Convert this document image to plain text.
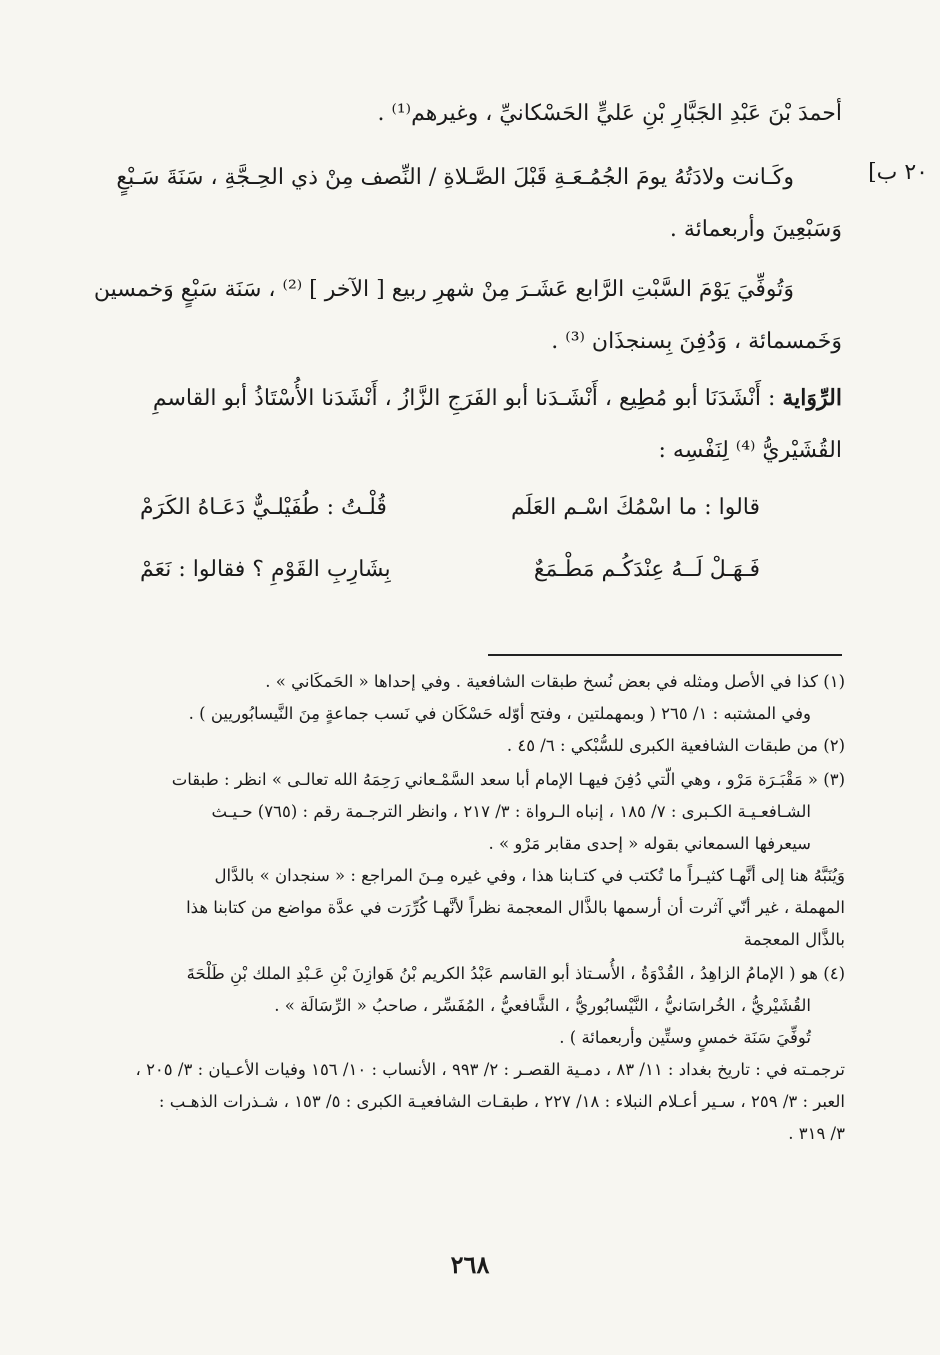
أحمدَ بْنَ عَبْدِ الجَبَّارِ بْنِ عَليٍّ الحَسْكانيِّ ، وغيرهم⁽¹⁾ .
٢٠ ب]
وكَـانت ولادَتُهُ يومَ الجُمُـعَـةِ قَبْلَ الصَّـلاةِ / النِّصف مِنْ ذي الحِـجَّةِ ، سَنَةَ سَـبْعٍ
وَسَبْعِينَ وأربعمائة .
وَتُوفِّيَ يَوْمَ السَّبْتِ الرَّابع عَشَـرَ مِنْ شهرِ ربيع [ الآخر ] ⁽²⁾ ، سَنَة سَبْعٍ وَخمسين
وَخَمسمائة ، وَدُفِنَ بِسنجذَان ⁽³⁾ .
الرِّوَاية : أَنْشَدَنَا أبو مُطِيع ، أَنْشَـدَنا أبو الفَرَجِ الزَّازُ ، أَنْشَدَنا الأُسْتَاذُ أبو القاسمِ
القُشَيْريُّ ⁽⁴⁾ لِنَفْسِه :
قالوا : ما اسْمُكَ اسْـم العَلَم
قُلْـتُ : طُفَيْلـيٌّ دَعَـاهُ الكَرَمْ
فَـهَـلْ لَــهُ عِنْدَكُـم مَطْـمَعٌ
بِشَارِبِ القَوْمِ ؟ فقالوا : نَعَمْ
(١) كذا في الأصل ومثله في بعض نُسخ طبقات الشافعية . وفي إحداها « الحَمكَاني » .
وفي المشتبه : ١/ ٢٦٥ ( وبمهملتين ، وفتح أوّله حَسْكَان في نَسب جماعةٍ مِنَ النَّيسابُوريين ) .
(٢) من طبقات الشافعية الكبرى للسُّبْكي : ٦/ ٤٥ .
(٣) « مَقْبَـرَة مَرْو ، وهي الّتي دُفِنَ فيهـا الإمام أبا سعد السَّمْـعاني رَحِمَهُ الله تعالـى » انظر : طبقات
الشـافعـيـة الكـبرى : ٧/ ١٨٥ ، إنباه الـرواة : ٣/ ٢١٧ ، وانظر الترجـمة رقم : (٧٦٥) حـيـث
سيعرفها السمعاني بقوله « إحدى مقابر مَرْو » .
وَيُنَبَّهُ هنا إلى أنَّهـا كثيـراً ما تُكتب في كتـابنا هذا ، وفي غيره مِـنَ المراجع : « سنجدان » بالدَّال
المهملة ، غير أنّي آثرت أن أرسمها بالذَّال المعجمة نظراً لأنَّهـا كُرِّرَت في عدَّة مواضع من كتابنا هذا
بالذَّال المعجمة
(٤) هو ( الإمامُ الزاهِدُ ، القُدْوَةُ ، الأُسـتاذ أبو القاسم عَبْدُ الكريم بْنُ هَوازِنَ بْنِ عَـبْدِ الملك بْنِ طَلْحَةَ
القُشَيْريُّ ، الخُراسَانيُّ ، النَّيْسابُوريُّ ، الشَّافعيُّ ، المُفَسِّر ، صاحبُ « الرِّسَالَة » .
تُوفِّيَ سَنَة خمسٍ وستِّين وأربعمائة ) .
ترجمـته في : تاريخ بغداد : ١١/ ٨٣ ، دمـية القصـر : ٢/ ٩٩٣ ، الأنساب : ١٠/ ١٥٦ وفيات الأعـيان : ٣/ ٢٠٥ ،
العبر : ٣/ ٢٥٩ ، سـير أعـلام النبلاء : ١٨/ ٢٢٧ ، طبقـات الشافعيـة الكبرى : ٥/ ١٥٣ ، شـذرات الذهـب :
٣/ ٣١٩ .
٢٦٨
